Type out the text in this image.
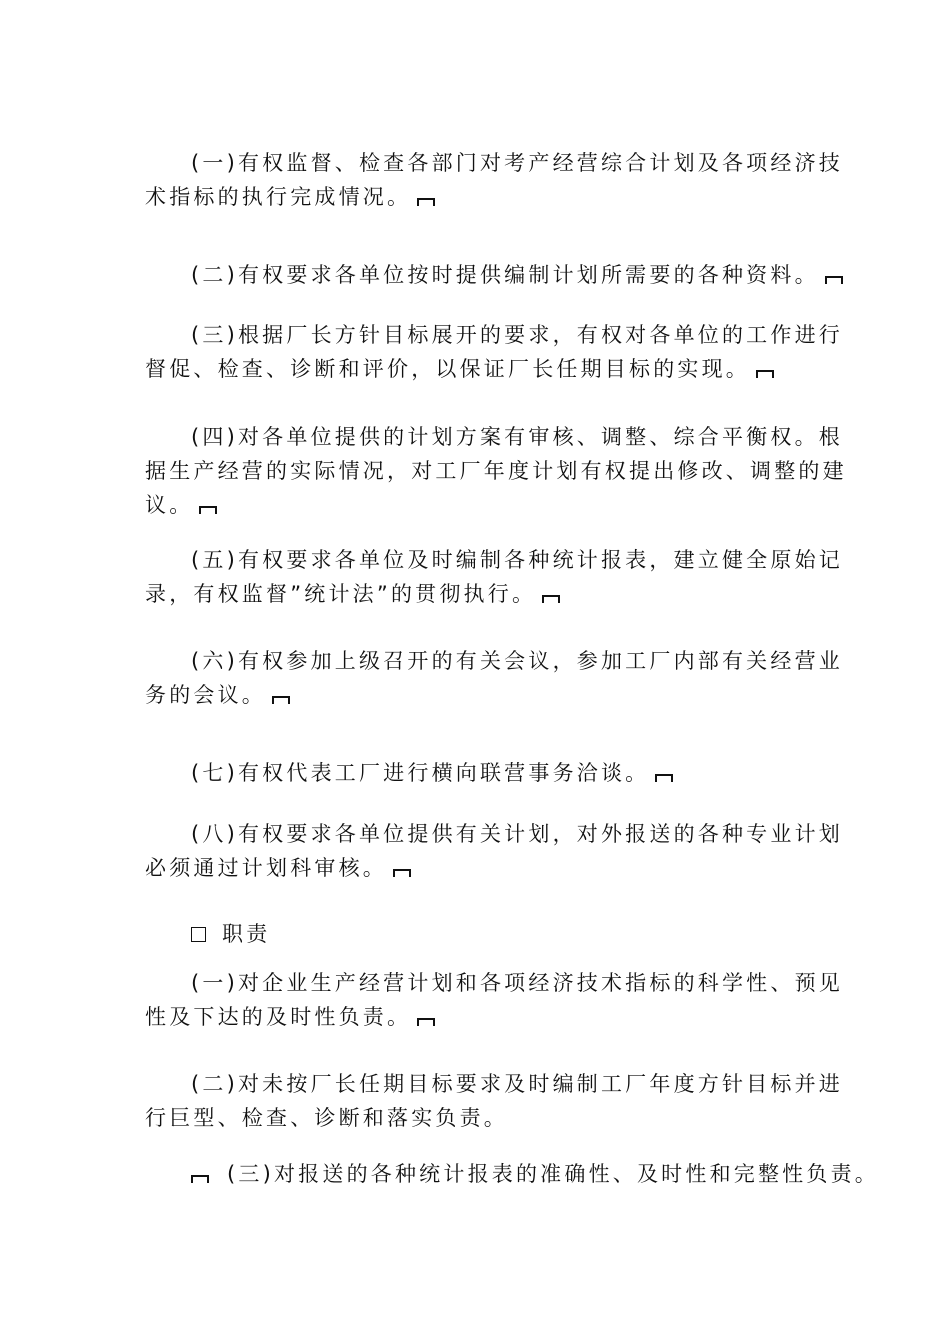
(一)有权监督、检查各部门对考产经营综合计划及各项经济技
术指标的执行完成情况。
(二)有权要求各单位按时提供编制计划所需要的各种资料。
(三)根据厂长方针目标展开的要求，有权对各单位的工作进行
督促、检查、诊断和评价，以保证厂长任期目标的实现。
(四)对各单位提供的计划方案有审核、调整、综合平衡权。根
据生产经营的实际情况，对工厂年度计划有权提出修改、调整的建
议。
(五)有权要求各单位及时编制各种统计报表，建立健全原始记
录，有权监督”统计法”的贯彻执行。
(六)有权参加上级召开的有关会议，参加工厂内部有关经营业
务的会议。
(七)有权代表工厂进行横向联营事务洽谈。
(八)有权要求各单位提供有关计划，对外报送的各种专业计划
必须通过计划科审核。
职责
(一)对企业生产经营计划和各项经济技术指标的科学性、预见
性及下达的及时性负责。
(二)对未按厂长任期目标要求及时编制工厂年度方针目标并进
行巨型、检查、诊断和落实负责。
(三)对报送的各种统计报表的准确性、及时性和完整性负责。
